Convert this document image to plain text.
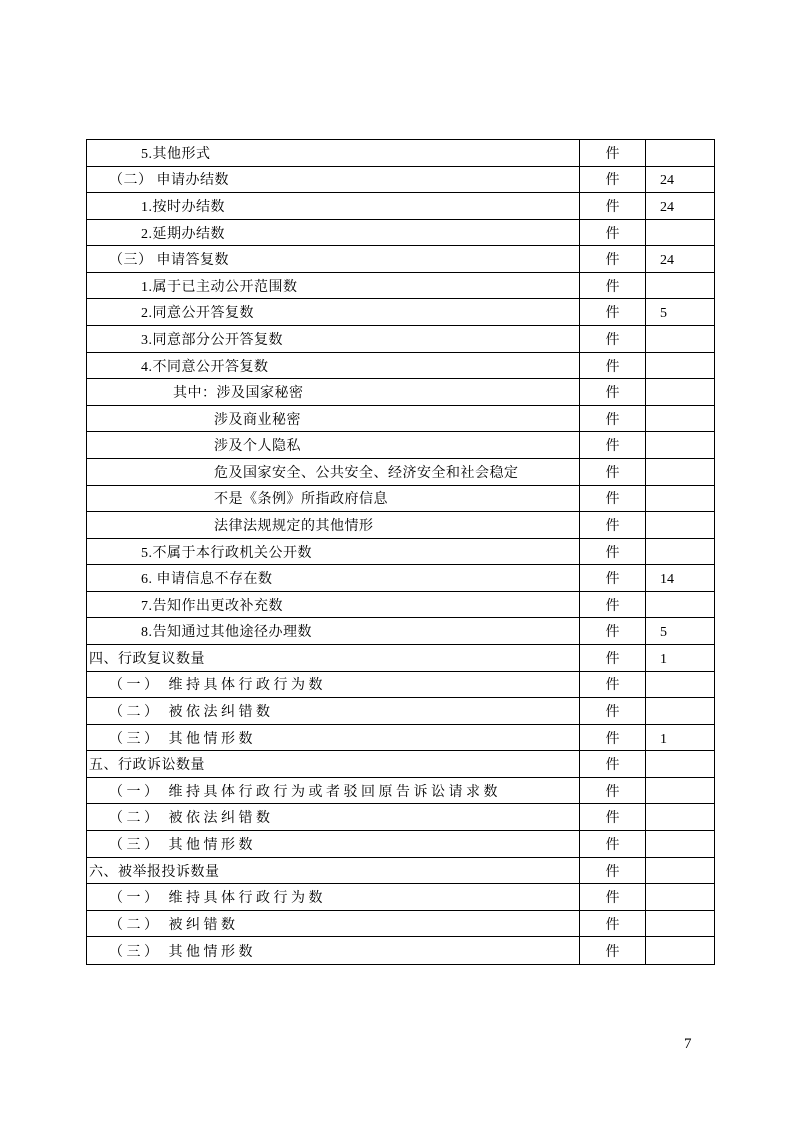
5.其他形式	件
（二） 申请办结数	件	24
1.按时办结数	件	24
2.延期办结数	件
（三） 申请答复数	件	24
1.属于已主动公开范围数	件
2.同意公开答复数	件	5
3.同意部分公开答复数	件
4.不同意公开答复数	件
其中：涉及国家秘密	件
涉及商业秘密	件
涉及个人隐私	件
危及国家安全、公共安全、经济安全和社会稳定	件
不是《条例》所指政府信息	件
法律法规规定的其他情形	件
5.不属于本行政机关公开数	件
6. 申请信息不存在数	件	14
7.告知作出更改补充数	件
8.告知通过其他途径办理数	件	5
四、行政复议数量	件	1
（一） 维持具体行政行为数	件
（二） 被依法纠错数	件
（三） 其他情形数	件	1
五、行政诉讼数量	件
（一） 维持具体行政行为或者驳回原告诉讼请求数	件
（二） 被依法纠错数	件
（三） 其他情形数	件
六、被举报投诉数量	件
（一） 维持具体行政行为数	件
（二） 被纠错数	件
（三） 其他情形数	件
7
